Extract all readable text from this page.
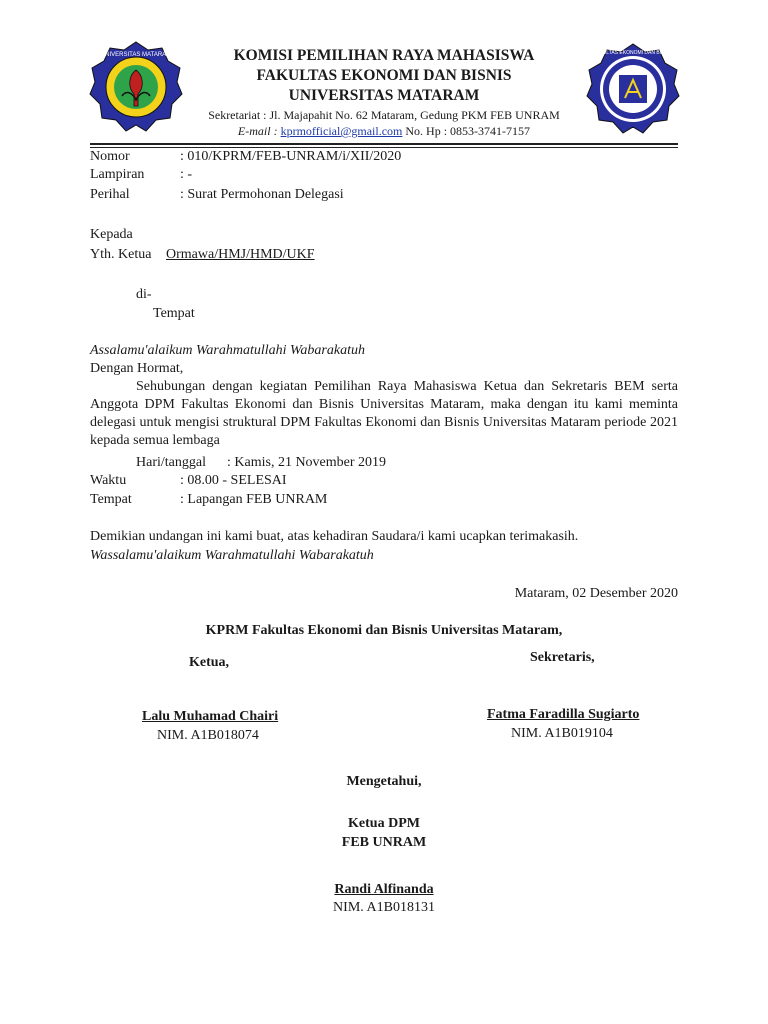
UNIVERSITAS MATARAM	FAKULTAS EKONOMI DAN BISNIS
KOMISI PEMILIHAN RAYA MAHASISWA
FAKULTAS EKONOMI DAN BISNIS
UNIVERSITAS MATARAM
Sekretariat : Jl. Majapahit No. 62 Mataram, Gedung PKM FEB UNRAM
E-mail : kprmofficial@gmail.com No. Hp : 0853-3741-7157
Nomor	: 010/KPRM/FEB-UNRAM/i/XII/2020
Lampiran	: -
Perihal	: Surat Permohonan Delegasi
Kepada
Yth. Ketua Ormawa/HMJ/HMD/UKF
di-
Tempat
Assalamu'alaikum Warahmatullahi Wabarakatuh
Dengan Hormat,
Sehubungan dengan kegiatan Pemilihan Raya Mahasiswa Ketua dan Sekretaris BEM serta
Anggota DPM Fakultas Ekonomi dan Bisnis Universitas Mataram, maka dengan itu kami meminta
delegasi untuk mengisi struktural DPM Fakultas Ekonomi dan Bisnis Universitas Mataram periode 2021
kepada semua lembaga
Hari/tanggal : Kamis, 21 November 2019
Waktu	: 08.00 - SELESAI
Tempat	: Lapangan FEB UNRAM
Demikian undangan ini kami buat, atas kehadiran Saudara/i kami ucapkan terimakasih.
Wassalamu'alaikum Warahmatullahi Wabarakatuh
Mataram, 02 Desember 2020
KPRM Fakultas Ekonomi dan Bisnis Universitas Mataram,
Ketua,	Sekretaris,
Lalu Muhamad Chairi
NIM. A1B018074
Fatma Faradilla Sugiarto
NIM. A1B019104
Mengetahui,
Ketua DPM
FEB UNRAM
Randi Alfinanda
NIM. A1B018131
